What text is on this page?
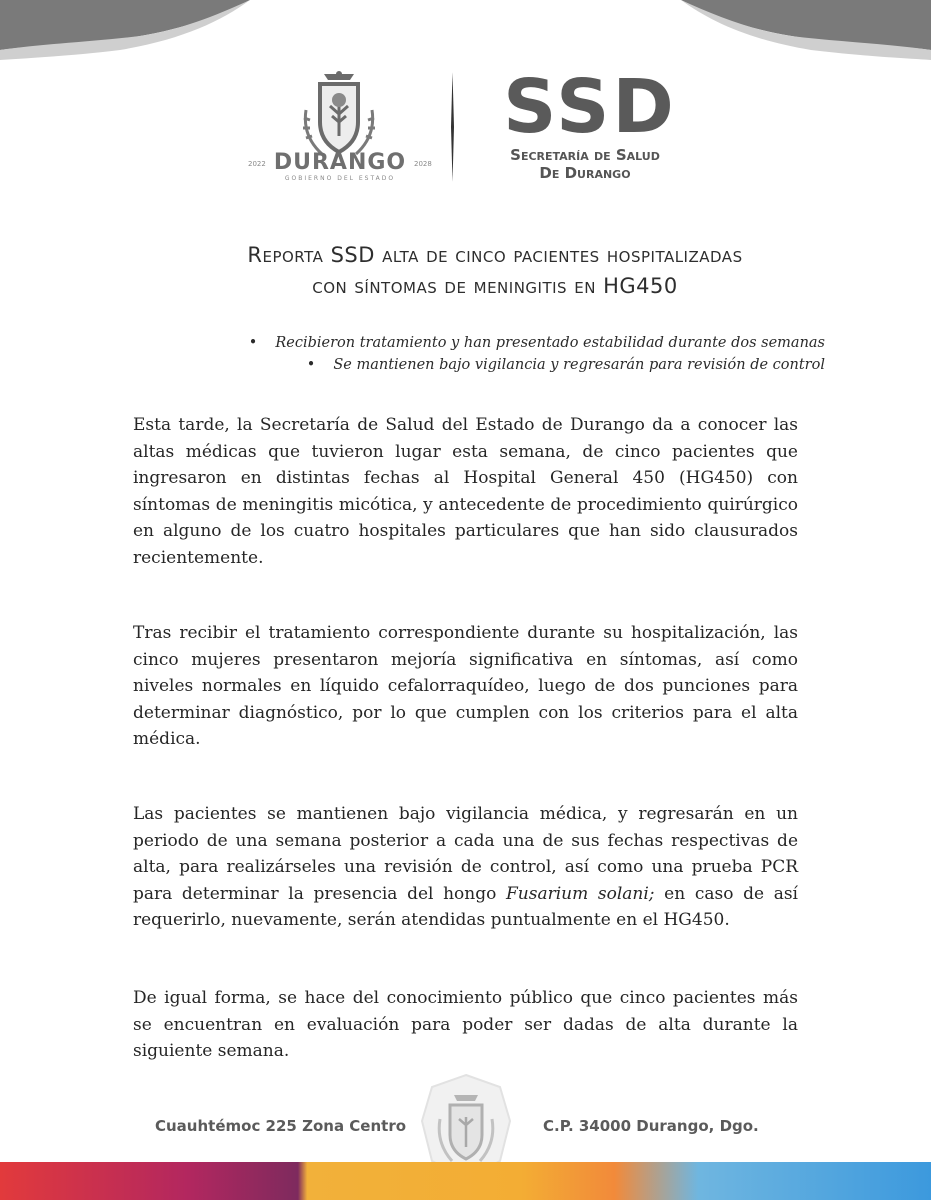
2022 DURANGO	2028
GOBIERNO DEL ESTADO
SSD
Secretaría de Salud
De Durango
Reporta SSD alta de cinco pacientes hospitalizadas
con síntomas de meningitis en HG450
• Recibieron tratamiento y han presentado estabilidad durante dos semanas
• Se mantienen bajo vigilancia y regresarán para revisión de control

Esta tarde, la Secretaría de Salud del Estado de Durango da a conocer las altas médicas que tuvieron lugar esta semana, de cinco pacientes que ingresaron en distintas fechas al Hospital General 450 (HG450) con síntomas de meningitis micótica, y antecedente de procedimiento quirúrgico en alguno de los cuatro hospitales particulares que han sido clausurados recientemente.

Tras recibir el tratamiento correspondiente durante su hospitalización, las cinco mujeres presentaron mejoría significativa en síntomas, así como niveles normales en líquido cefalorraquídeo, luego de dos punciones para determinar diagnóstico, por lo que cumplen con los criterios para el alta médica.

Las pacientes se mantienen bajo vigilancia médica, y regresarán en un periodo de una semana posterior a cada una de sus fechas respectivas de alta, para realizárseles una revisión de control, así como una prueba PCR para determinar la presencia del hongo Fusarium solani; en caso de así requerirlo, nuevamente, serán atendidas puntualmente en el HG450.

De igual forma, se hace del conocimiento público que cinco pacientes más se encuentran en evaluación para poder ser dadas de alta durante la siguiente semana.

Cuauhtémoc 225 Zona Centro	C.P. 34000 Durango, Dgo.
